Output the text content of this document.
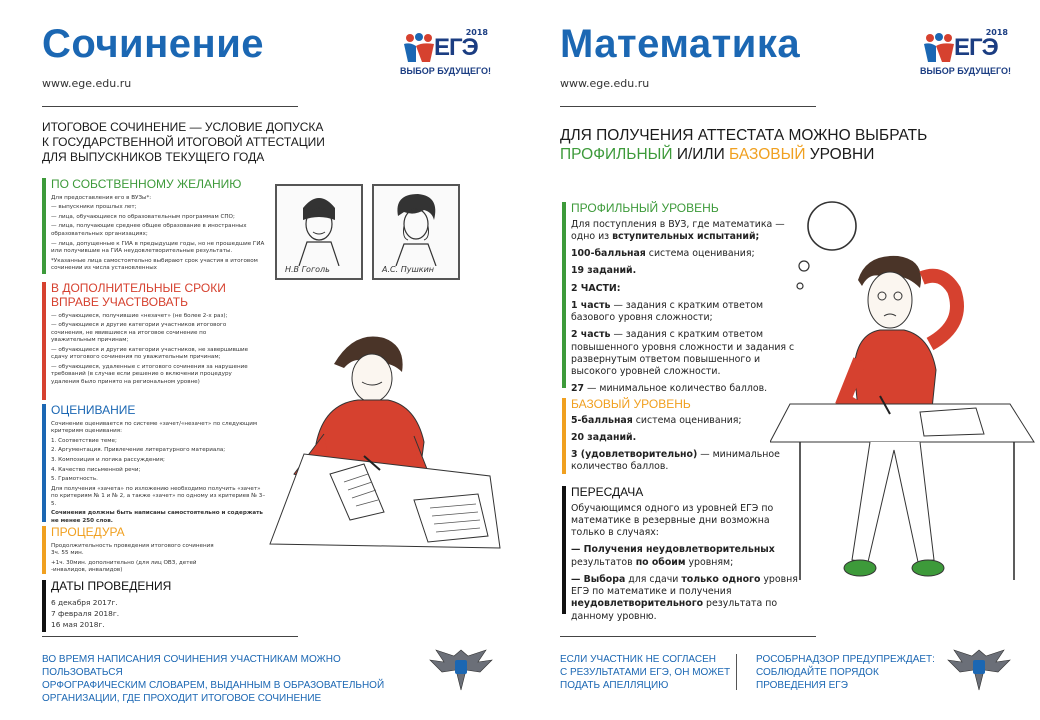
Сочинение
www.ege.edu.ru
2018
ЕГЭ
ВЫБОР БУДУЩЕГО!
ИТОГОВОЕ СОЧИНЕНИЕ — УСЛОВИЕ ДОПУСКА
К ГОСУДАРСТВЕННОЙ ИТОГОВОЙ АТТЕСТАЦИИ
ДЛЯ ВЫПУСКНИКОВ ТЕКУЩЕГО ГОДА
Н.В Гоголь	А.С. Пушкин
ПО СОБСТВЕННОМУ ЖЕЛАНИЮ

Для предоставления его в ВУЗы*:

— выпускники прошлых лет;

— лица, обучающиеся по образовательным программам СПО;

— лица, получающие среднее общее образование в иностранных образовательных организациях;

— лица, допущенные к ГИА в предыдущие годы, но не прошедшие ГИА или получившие на ГИА неудовлетворительные результаты.

*Указанные лица самостоятельно выбирают срок участия в итоговом сочинении из числа установленных

В ДОПОЛНИТЕЛЬНЫЕ СРОКИ
ВПРАВЕ УЧАСТВОВАТЬ

— обучающиеся, получившие «незачет» (не более 2-х раз);

— обучающиеся и другие категории участников итогового сочинения, не явившиеся на итоговое сочинение по уважительным причинам;

— обучающиеся и другие категории участников, не завершившие сдачу итогового сочинения по уважительным причинам;

— обучающиеся, удаленные с итогового сочинения за нарушение требований (в случае если решение о включении процедуру удаления было принято на региональном уровне)

ОЦЕНИВАНИЕ

Сочинение оценивается по системе «зачет/«незачет» по следующим критериям оценивания:

1. Соответствие теме;

2. Аргументация. Привлечение литературного материала;

3. Композиция и логика рассуждения;

4. Качество письменной речи;

5. Грамотность.

Для получения «зачета» по изложению необходимо получить «зачет» по критериям № 1 и № 2, а также «зачет» по одному из критериев № 3–5.

Сочинения должны быть написаны самостоятельно и содержать не менее 250 слов.

ПРОЦЕДУРА

Продолжительность проведения итогового сочинения 3ч. 55 мин.

+1ч. 30мин. дополнительно (для лиц ОВЗ, детей -инвалидов, инвалидов)

ДАТЫ ПРОВЕДЕНИЯ
6 декабря 2017г.
7 февраля 2018г.
16 мая 2018г.
ВО ВРЕМЯ НАПИСАНИЯ СОЧИНЕНИЯ УЧАСТНИКАМ МОЖНО ПОЛЬЗОВАТЬСЯ
ОРФОГРАФИЧЕСКИМ СЛОВАРЕМ, ВЫДАННЫМ В ОБРАЗОВАТЕЛЬНОЙ
ОРГАНИЗАЦИИ, ГДЕ ПРОХОДИТ ИТОГОВОЕ СОЧИНЕНИЕ
Математика
www.ege.edu.ru
2018
ЕГЭ
ВЫБОР БУДУЩЕГО!
ДЛЯ ПОЛУЧЕНИЯ АТТЕСТАТА МОЖНО ВЫБРАТЬ
ПРОФИЛЬНЫЙ И/ИЛИ БАЗОВЫЙ УРОВНИ
ПРОФИЛЬНЫЙ УРОВЕНЬ

Для поступления в ВУЗ, где математика — одно из вступительных испытаний;

100-балльная система оценивания;

19 заданий.

2 ЧАСТИ:

1 часть — задания с кратким ответом базового уровня сложности;

2 часть — задания с кратким ответом повышенного уровня сложности и задания с развернутым ответом повышенного и высокого уровней сложности.

27 — минимальное количество баллов.

БАЗОВЫЙ УРОВЕНЬ

5-балльная система оценивания;

20 заданий.

3 (удовлетворительно) — минимальное количество баллов.

ПЕРЕСДАЧА

Обучающимся одного из уровней ЕГЭ по математике в резервные дни возможна только в случаях:

— Получения неудовлетворительных результатов по обоим уровням;

— Выбора для сдачи только одного уровня ЕГЭ по математике и получения неудовлетворительного результата по данному уровню.

ЕСЛИ УЧАСТНИК НЕ СОГЛАСЕН
С РЕЗУЛЬТАТАМИ ЕГЭ, ОН МОЖЕТ
ПОДАТЬ АПЕЛЛЯЦИЮ
РОСОБРНАДЗОР ПРЕДУПРЕЖДАЕТ:
СОБЛЮДАЙТЕ ПОРЯДОК
ПРОВЕДЕНИЯ ЕГЭ
